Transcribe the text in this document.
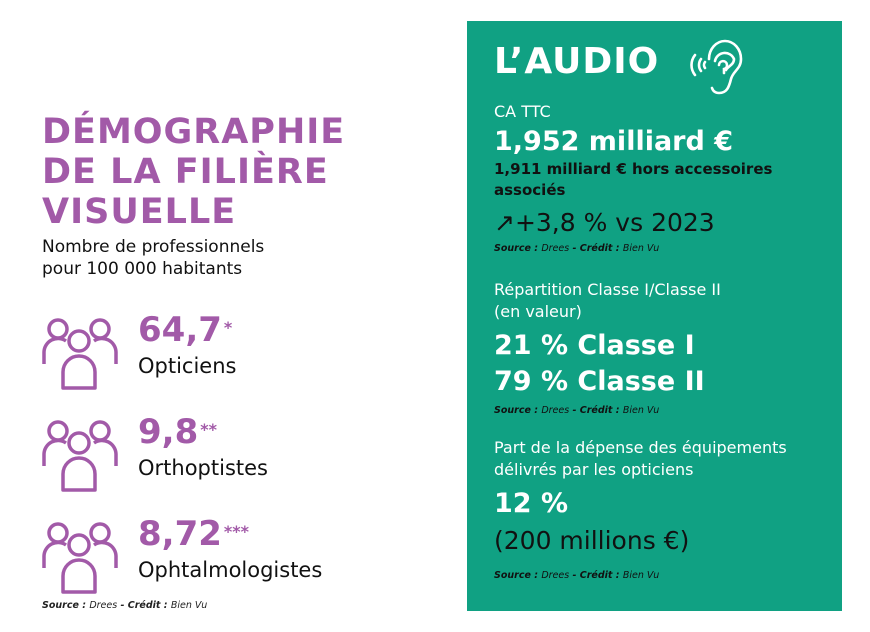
DÉMOGRAPHIE
DE LA FILIÈRE
VISUELLE
Nombre de professionnels
pour 100 000 habitants
64,7 *
Opticiens
9,8 **
Orthoptistes
8,72 ***
Ophtalmologistes
Source : Drees - Crédit : Bien Vu
L’AUDIO
CA TTC
1,952 milliard €
1,911 milliard € hors accessoires
associés
↗+3,8 % vs 2023
Source : Drees - Crédit : Bien Vu
Répartition Classe I/Classe II
(en valeur)
21 % Classe I
79 % Classe II
Source : Drees - Crédit : Bien Vu
Part de la dépense des équipements
délivrés par les opticiens
12 %
(200 millions €)
Source : Drees - Crédit : Bien Vu
